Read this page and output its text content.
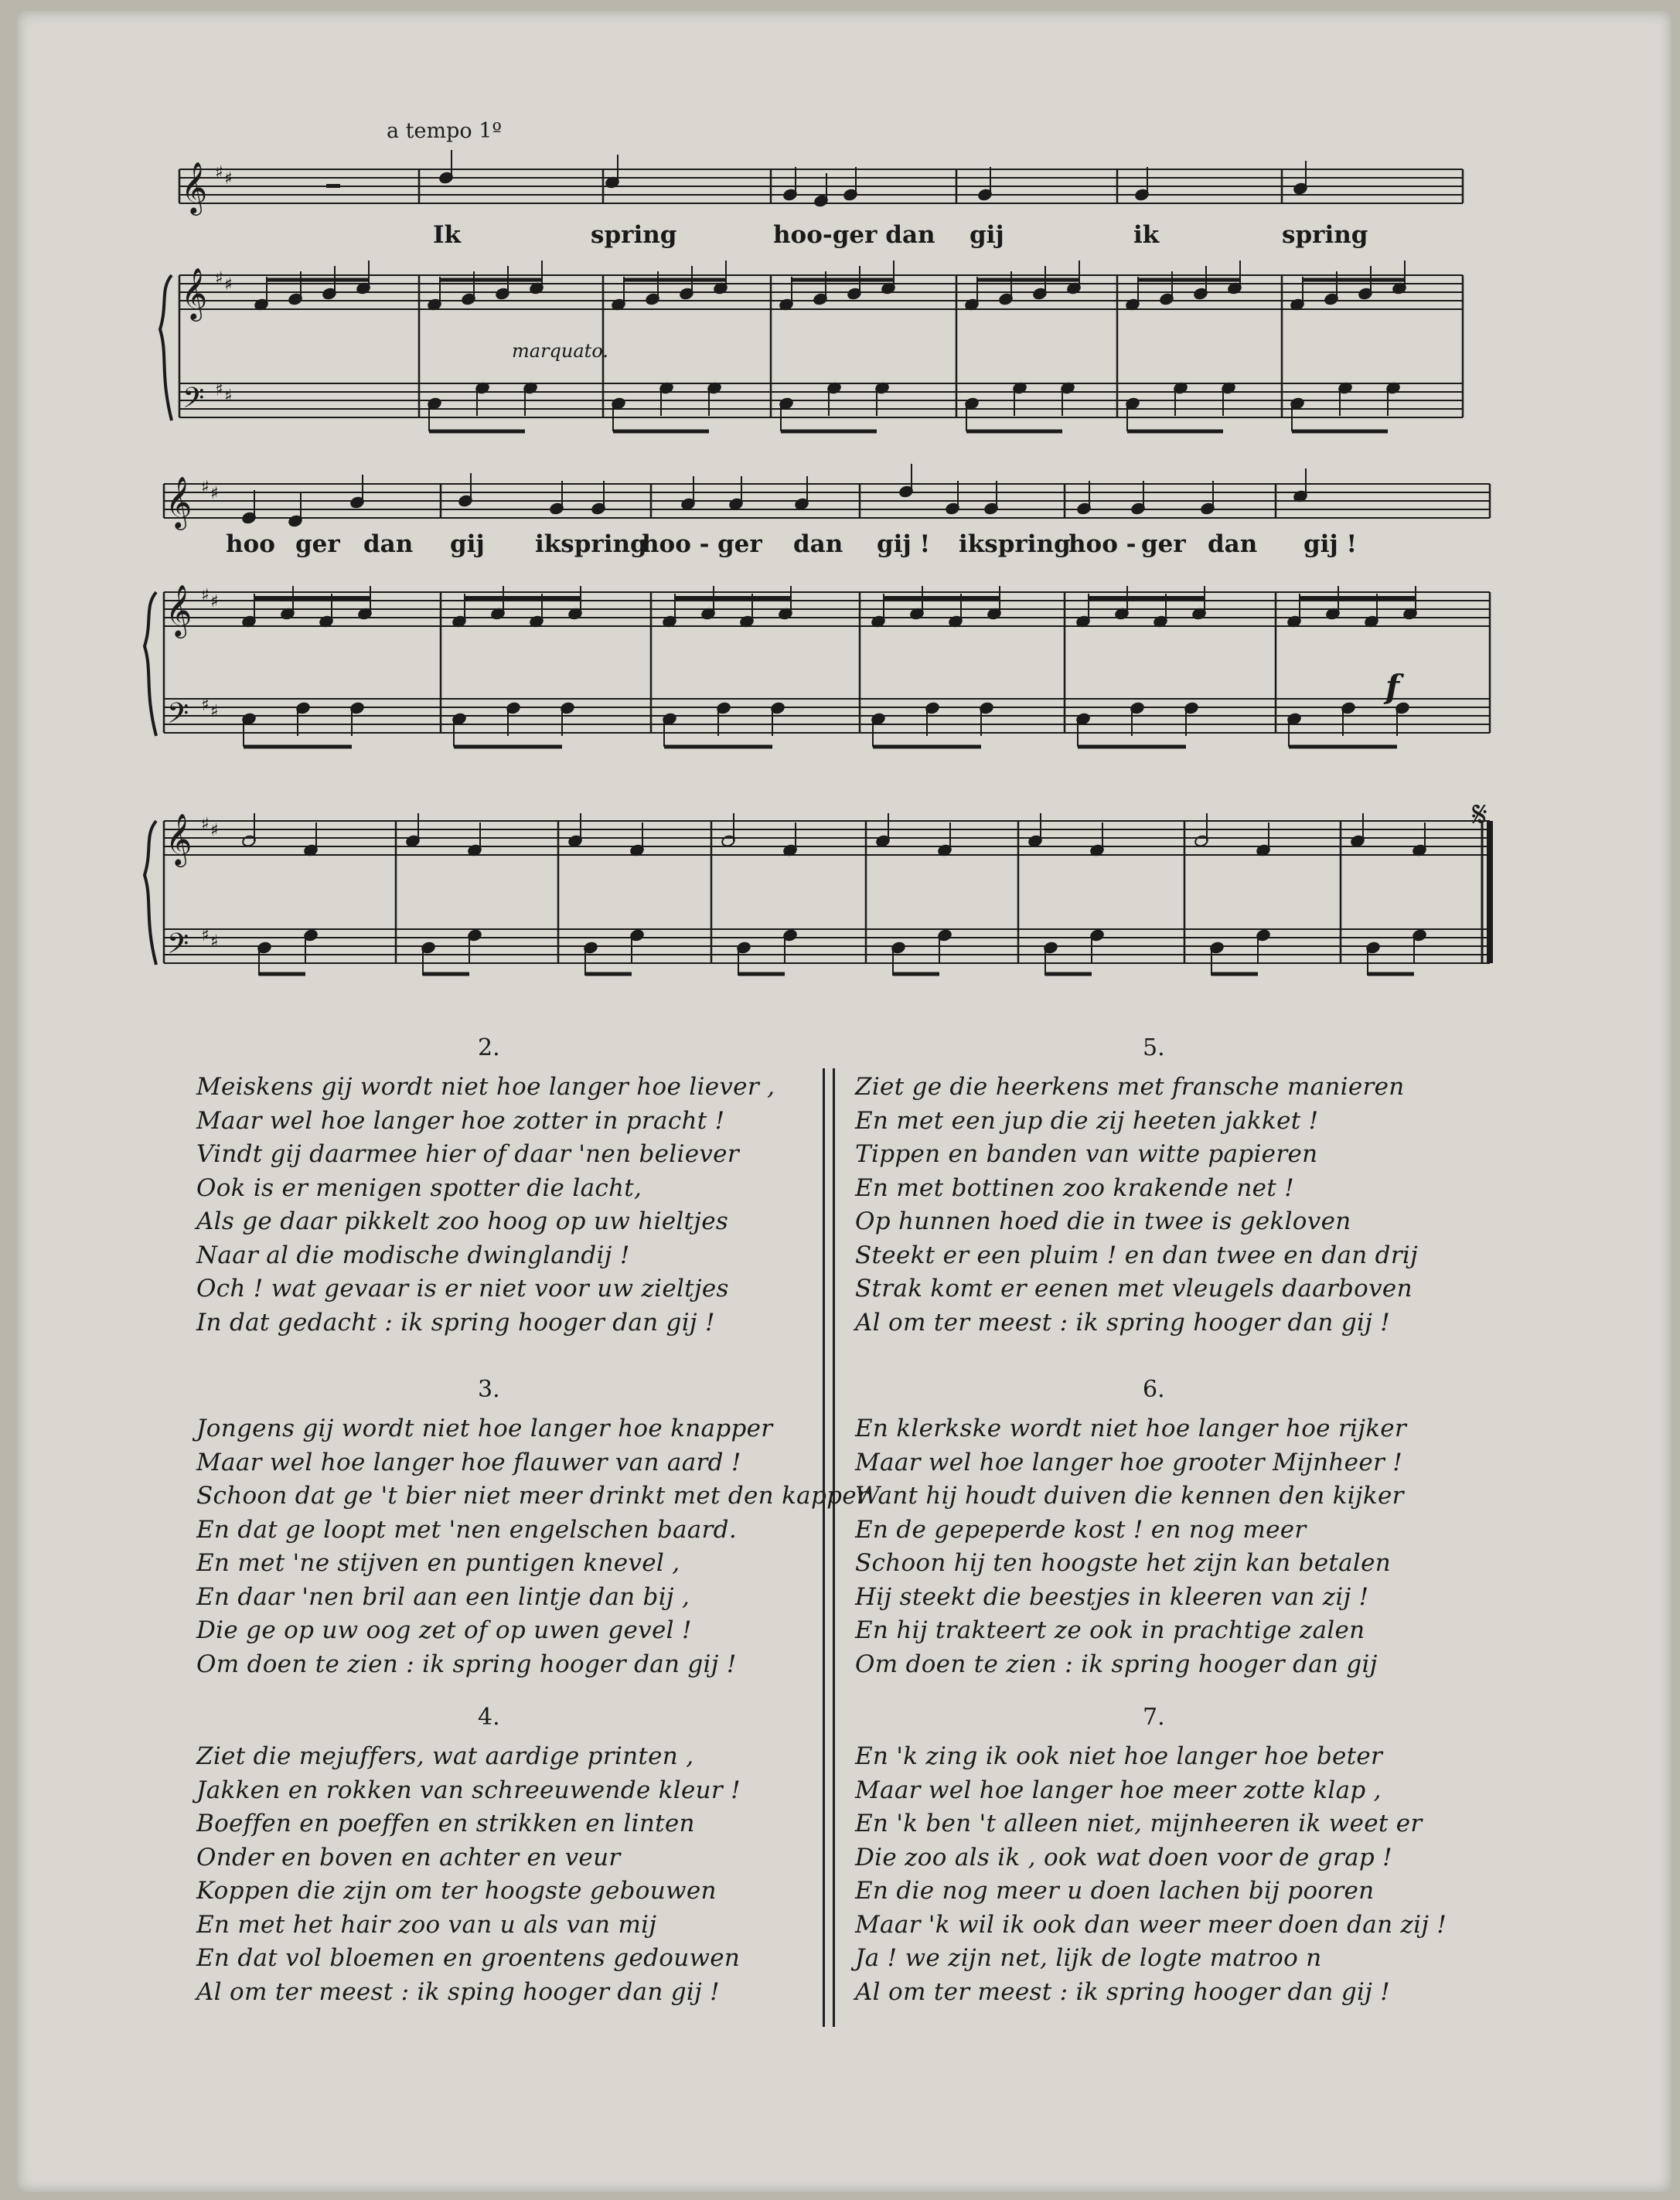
a tempo 1º
𝄞
𝄞
𝄢
♯ ♯
♯ ♯
♯ ♯
𝄞
𝄞
𝄢
♯ ♯
♯ ♯
♯ ♯
𝄞
𝄢
♯ ♯
♯ ♯
Ik	spring	hoo-ger dan gij	ik	spring
hoo ger dan gij ikspring
hoo - ger dan gij ! ikspring
hoo - ger dan gij !
marquato.
f
𝄋
2.
Meiskens gij wordt niet hoe langer hoe liever ,
Maar wel hoe langer hoe zotter in pracht !
Vindt gij daarmee hier of daar 'nen believer
Ook is er menigen spotter die lacht,
Als ge daar pikkelt zoo hoog op uw hieltjes
Naar al die modische dwinglandij !
Och ! wat gevaar is er niet voor uw zieltjes
In dat gedacht : ik spring hooger dan gij !
3.
Jongens gij wordt niet hoe langer hoe knapper
Maar wel hoe langer hoe flauwer van aard !
Schoon dat ge 't bier niet meer drinkt met den kapper
En dat ge loopt met 'nen engelschen baard.
En met 'ne stijven en puntigen knevel ,
En daar 'nen bril aan een lintje dan bij ,
Die ge op uw oog zet of op uwen gevel !
Om doen te zien : ik spring hooger dan gij !
4.
Ziet die mejuffers, wat aardige printen ,
Jakken en rokken van schreeuwende kleur !
Boeffen en poeffen en strikken en linten
Onder en boven en achter en veur
Koppen die zijn om ter hoogste gebouwen
En met het hair zoo van u als van mij
En dat vol bloemen en groentens gedouwen
Al om ter meest : ik sping hooger dan gij !
5.
Ziet ge die heerkens met fransche manieren
En met een jup die zij heeten jakket !
Tippen en banden van witte papieren
En met bottinen zoo krakende net !
Op hunnen hoed die in twee is gekloven
Steekt er een pluim ! en dan twee en dan drij
Strak komt er eenen met vleugels daarboven
Al om ter meest : ik spring hooger dan gij !
6.
En klerkske wordt niet hoe langer hoe rijker
Maar wel hoe langer hoe grooter Mijnheer !
Want hij houdt duiven die kennen den kijker
En de gepeperde kost ! en nog meer
Schoon hij ten hoogste het zijn kan betalen
Hij steekt die beestjes in kleeren van zij !
En hij trakteert ze ook in prachtige zalen
Om doen te zien : ik spring hooger dan gij
7.
En 'k zing ik ook niet hoe langer hoe beter
Maar wel hoe langer hoe meer zotte klap ,
En 'k ben 't alleen niet, mijnheeren ik weet er
Die zoo als ik , ook wat doen voor de grap !
En die nog meer u doen lachen bij pooren
Maar 'k wil ik ook dan weer meer doen dan zij !
Ja ! we zijn net, lijk de logte matroo n
Al om ter meest : ik spring hooger dan gij !
